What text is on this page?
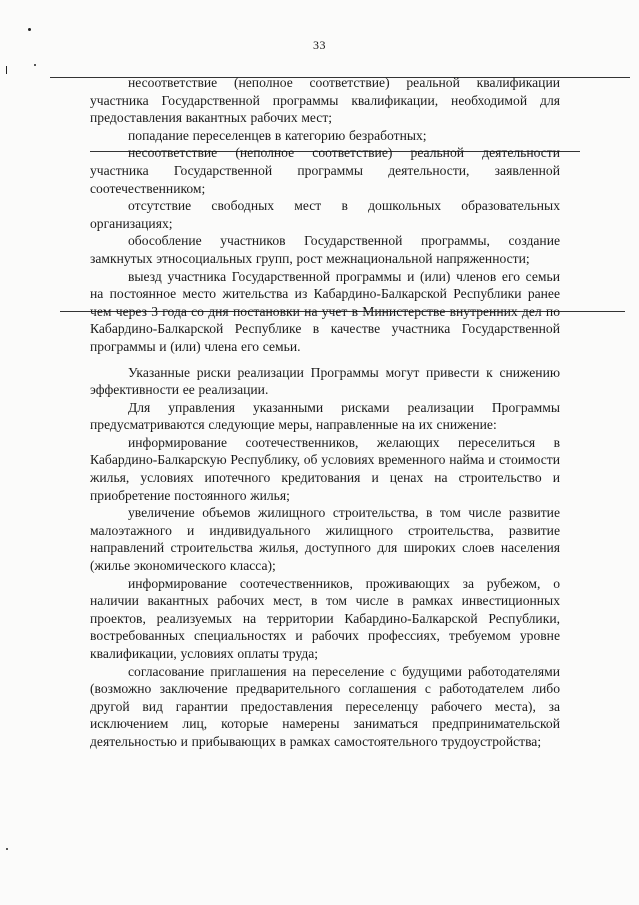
33

несоответствие (неполное соответствие) реальной квалификации участника Государственной программы квалификации, необходимой для предоставления вакантных рабочих мест;

попадание переселенцев в категорию безработных;

несоответствие (неполное соответствие) реальной деятельности участника Государственной программы деятельности, заявленной соотечественником;

отсутствие свободных мест в дошкольных образовательных организациях;

обособление участников Государственной программы, создание замкнутых этносоциальных групп, рост межнациональной напряженности;

выезд участника Государственной программы и (или) членов его семьи на постоянное место жительства из Кабардино-Балкарской Республики ранее чем через 3 года со дня постановки на учет в Министерстве внутренних дел по Кабардино-Балкарской Республике в качестве участника Государственной программы и (или) члена его семьи.

Указанные риски реализации Программы могут привести к снижению эффективности ее реализации.

Для управления указанными рисками реализации Программы предусматриваются следующие меры, направленные на их снижение:

информирование соотечественников, желающих переселиться в Кабардино-Балкарскую Республику, об условиях временного найма и стоимости жилья, условиях ипотечного кредитования и ценах на строительство и приобретение постоянного жилья;

увеличение объемов жилищного строительства, в том числе развитие малоэтажного и индивидуального жилищного строительства, развитие направлений строительства жилья, доступного для широких слоев населения (жилье экономического класса);

информирование соотечественников, проживающих за рубежом, о наличии вакантных рабочих мест, в том числе в рамках инвестиционных проектов, реализуемых на территории Кабардино-Балкарской Республики, востребованных специальностях и рабочих профессиях, требуемом уровне квалификации, условиях оплаты труда;

согласование приглашения на переселение с будущими работодателями (возможно заключение предварительного соглашения с работодателем либо другой вид гарантии предоставления переселенцу рабочего места), за исключением лиц, которые намерены заниматься предпринимательской деятельностью и прибывающих в рамках самостоятельного трудоустройства;
